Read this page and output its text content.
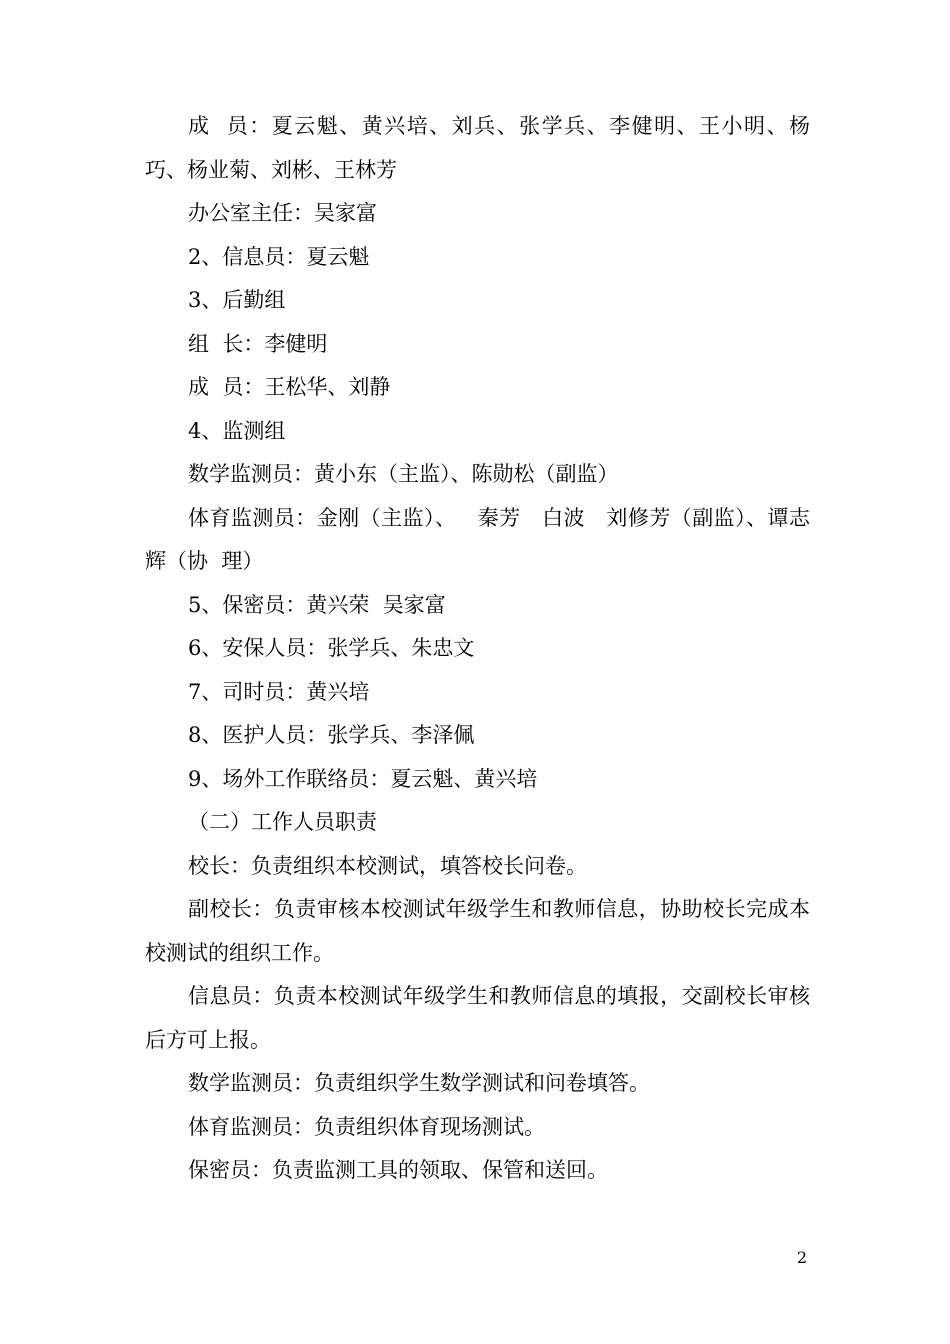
成  员：夏云魁、黄兴培、刘兵、张学兵、李健明、王小明、杨巧、杨业菊、刘彬、王林芳

办公室主任：吴家富

2、信息员：夏云魁

3、后勤组

组  长：李健明

成  员：王松华、刘静

4、监测组

数学监测员：黄小东（主监）、陈勋松（副监）

体育监测员：金刚（主监）、   秦芳   白波   刘修芳（副监）、谭志辉（协  理）

5、保密员：黄兴荣  吴家富

6、安保人员：张学兵、朱忠文

7、司时员：黄兴培

8、医护人员：张学兵、李泽佩

9、场外工作联络员：夏云魁、黄兴培

（二）工作人员职责

校长：负责组织本校测试，填答校长问卷。

副校长：负责审核本校测试年级学生和教师信息，协助校长完成本校测试的组织工作。

信息员：负责本校测试年级学生和教师信息的填报，交副校长审核后方可上报。

数学监测员：负责组织学生数学测试和问卷填答。

体育监测员：负责组织体育现场测试。

保密员：负责监测工具的领取、保管和送回。

2
